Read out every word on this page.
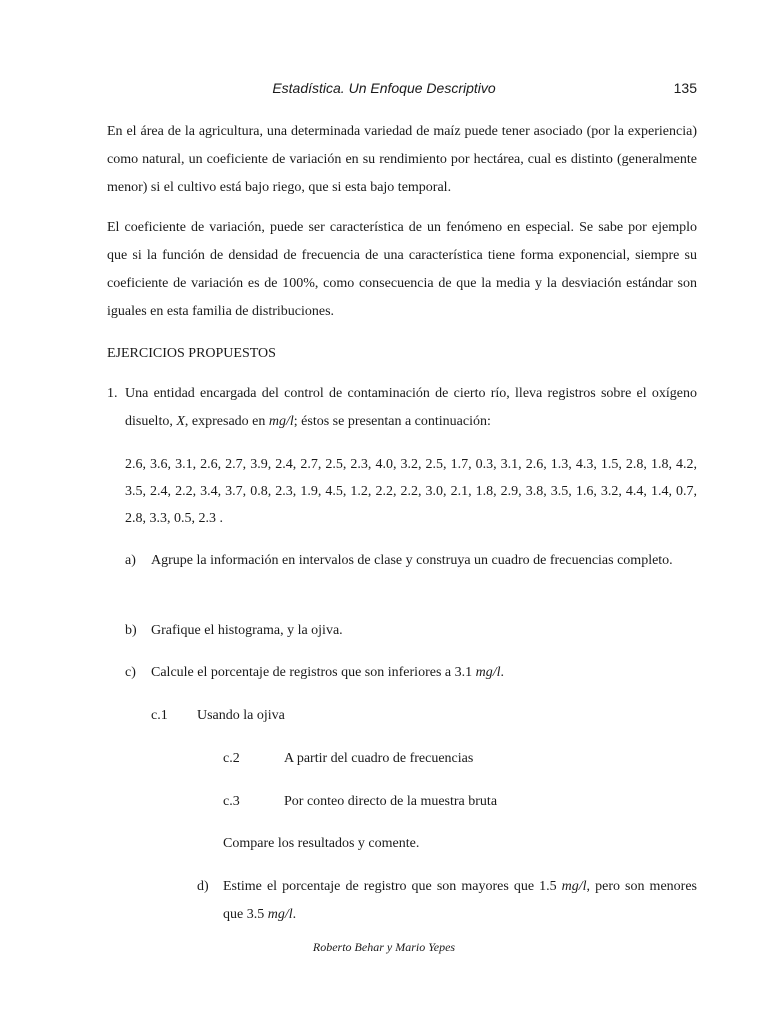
Estadística. Un Enfoque Descriptivo	135

En el área de la agricultura, una determinada variedad de maíz puede tener asociado (por la experiencia) como natural, un coeficiente de variación en su rendimiento por hectárea, cual es distinto (generalmente menor) si el cultivo está bajo riego, que si esta bajo temporal.

El coeficiente de variación, puede ser característica de un fenómeno en especial. Se sabe por ejemplo que si la función de densidad de frecuencia de una característica tiene forma exponencial, siempre su coeficiente de variación es de 100%, como consecuencia de que la media y la desviación estándar son iguales en esta familia de distribuciones.

EJERCICIOS PROPUESTOS
1. Una entidad encargada del control de contaminación de cierto río, lleva registros sobre el oxígeno disuelto, X, expresado en mg/l; éstos se presentan a continuación:

2.6, 3.6, 3.1, 2.6, 2.7, 3.9, 2.4, 2.7, 2.5, 2.3, 4.0, 3.2, 2.5, 1.7, 0.3, 3.1, 2.6, 1.3, 4.3, 1.5, 2.8, 1.8, 4.2, 3.5, 2.4, 2.2, 3.4, 3.7, 0.8, 2.3, 1.9, 4.5, 1.2, 2.2, 2.2, 3.0, 2.1, 1.8, 2.9, 3.8, 3.5, 1.6, 3.2, 4.4, 1.4, 0.7, 2.8, 3.3, 0.5, 2.3 .

a) Agrupe la información en intervalos de clase y construya un cuadro de frecuencias completo.

b) Grafique el histograma, y la ojiva.

c) Calcule el porcentaje de registros que son inferiores a 3.1 mg/l.

c.1 Usando la ojiva
c.2	A partir del cuadro de frecuencias
c.3	Por conteo directo de la muestra bruta
Compare los resultados y comente.
d) Estime el porcentaje de registro que son mayores que 1.5 mg/l, pero son menores que 3.5 mg/l.

Roberto Behar y Mario Yepes
